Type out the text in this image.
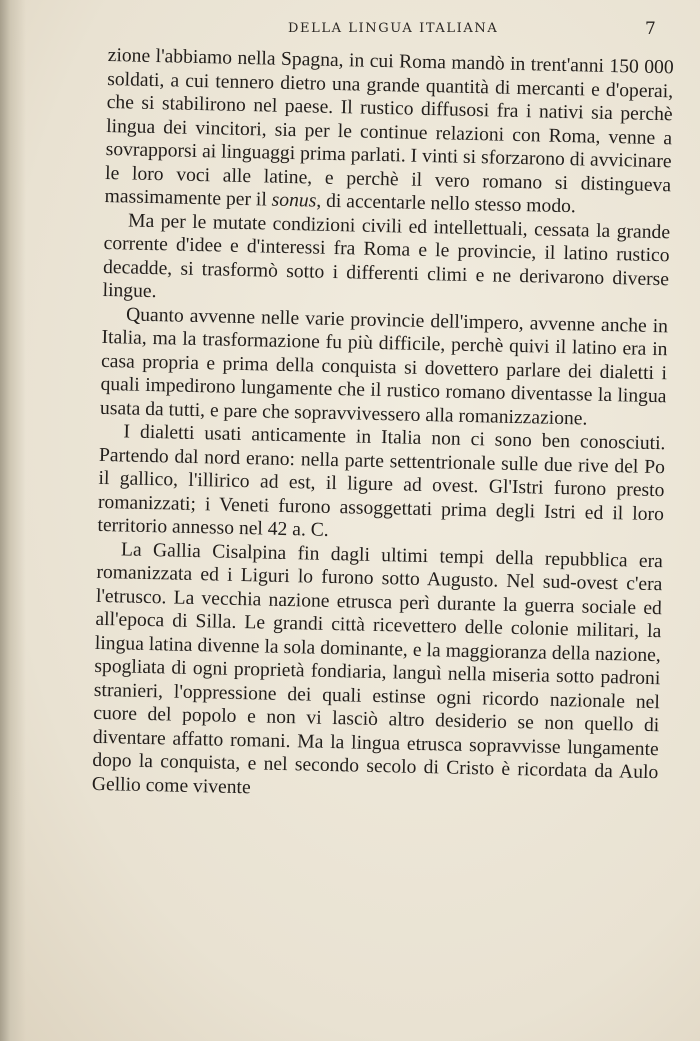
DELLA LINGUA ITALIANA	7

zione l'abbiamo nella Spagna, in cui Roma mandò in trent'anni 150 000 soldati, a cui tennero dietro una grande quantità di mercanti e d'operai, che si stabilirono nel paese. Il rustico diffusosi fra i nativi sia perchè lingua dei vincitori, sia per le continue relazioni con Roma, venne a sovrapporsi ai linguaggi prima parlati. I vinti si sforzarono di avvicinare le loro voci alle latine, e perchè il vero romano si distingueva massimamente per il sonus, di accentarle nello stesso modo.

Ma per le mutate condizioni civili ed intellettuali, cessata la grande corrente d'idee e d'interessi fra Roma e le provincie, il latino rustico decadde, si trasformò sotto i differenti climi e ne derivarono diverse lingue.

Quanto avvenne nelle varie provincie dell'impero, avvenne anche in Italia, ma la trasformazione fu più difficile, perchè quivi il latino era in casa propria e prima della conquista si dovettero parlare dei dialetti i quali impedirono lungamente che il rustico romano diventasse la lingua usata da tutti, e pare che sopravvivessero alla romanizzazione.

I dialetti usati anticamente in Italia non ci sono ben conosciuti. Partendo dal nord erano: nella parte settentrionale sulle due rive del Po il gallico, l'illirico ad est, il ligure ad ovest. Gl'Istri furono presto romanizzati; i Veneti furono assoggettati prima degli Istri ed il loro territorio annesso nel 42 a. C.

La Gallia Cisalpina fin dagli ultimi tempi della repubblica era romanizzata ed i Liguri lo furono sotto Augusto. Nel sud-ovest c'era l'etrusco. La vecchia nazione etrusca perì durante la guerra sociale ed all'epoca di Silla. Le grandi città ricevettero delle colonie militari, la lingua latina divenne la sola dominante, e la maggioranza della nazione, spogliata di ogni proprietà fondiaria, languì nella miseria sotto padroni stranieri, l'oppressione dei quali estinse ogni ricordo nazionale nel cuore del popolo e non vi lasciò altro desiderio se non quello di diventare affatto romani. Ma la lingua etrusca sopravvisse lungamente dopo la conquista, e nel secondo secolo di Cristo è ricordata da Aulo Gellio come vivente
